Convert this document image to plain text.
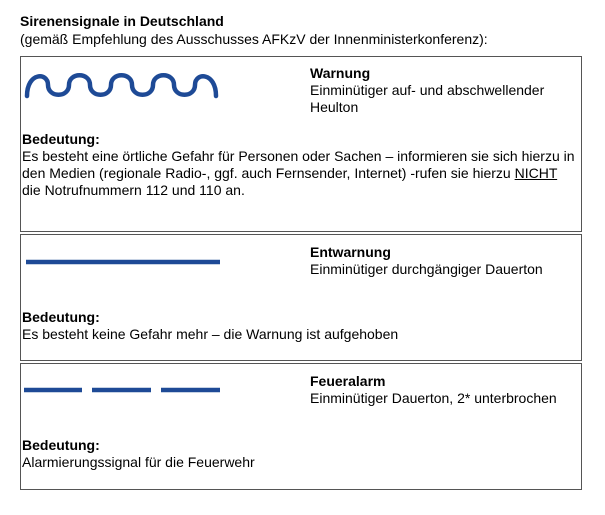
Sirenensignale in Deutschland
(gemäß Empfehlung des Ausschusses AFKzV der Innenministerkonferenz):
Warnung
Einminütiger auf- und abschwellender Heulton
Bedeutung:
Es besteht eine örtliche Gefahr für Personen oder Sachen – informieren sie sich hierzu in den Medien (regionale Radio-, ggf. auch Fernsender, Internet) -rufen sie hierzu NICHT die Notrufnummern 112 und 110 an.
Entwarnung
Einminütiger durchgängiger Dauerton
Bedeutung:
Es besteht keine Gefahr mehr – die Warnung ist aufgehoben
Feueralarm
Einminütiger Dauerton, 2* unterbrochen
Bedeutung:
Alarmierungssignal für die Feuerwehr
